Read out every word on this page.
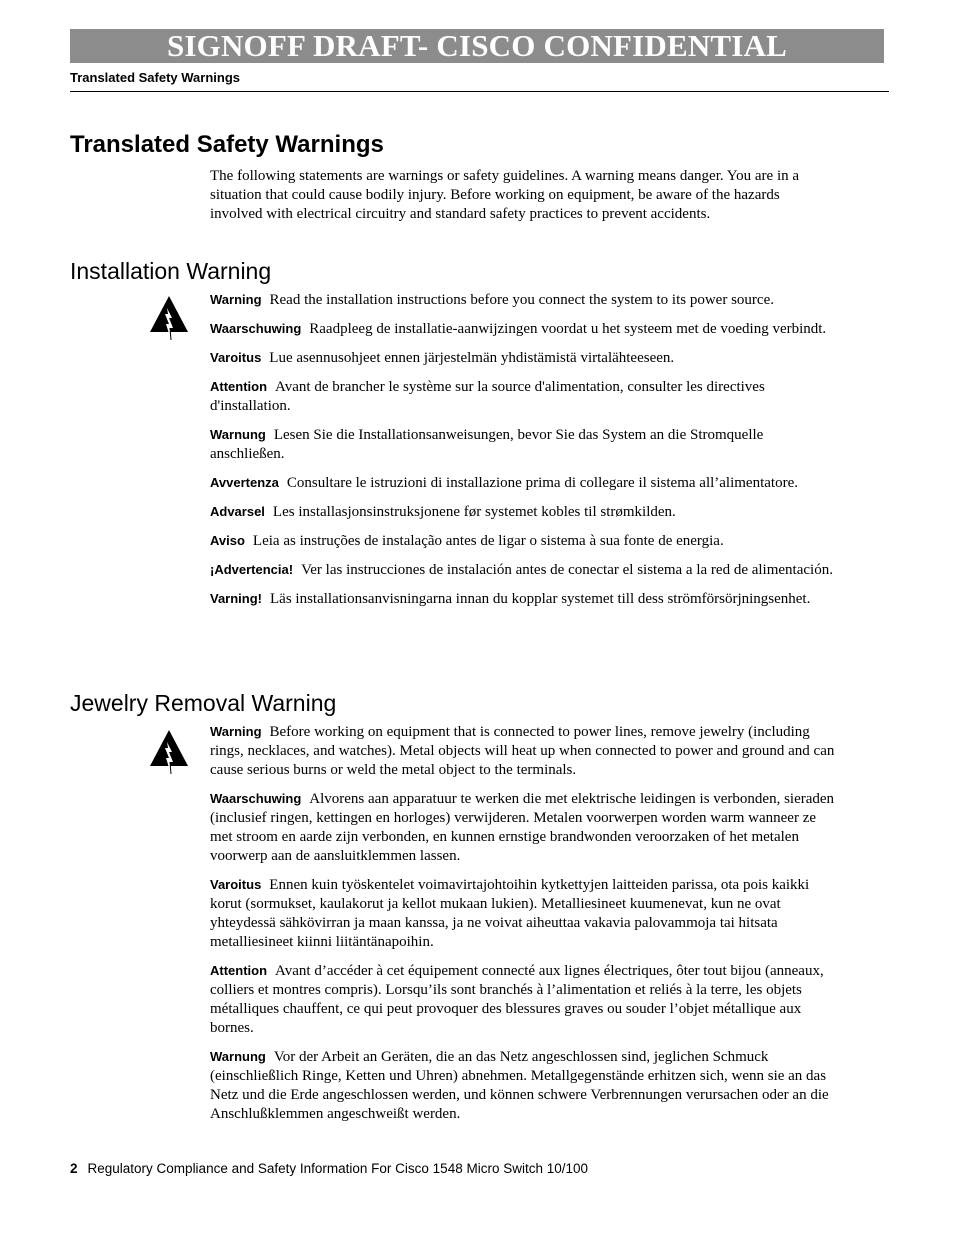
SIGNOFF DRAFT- CISCO CONFIDENTIAL
Translated Safety Warnings
Translated Safety Warnings

The following statements are warnings or safety guidelines. A warning means danger. You are in a situation that could cause bodily injury. Before working on equipment, be aware of the hazards involved with electrical circuitry and standard safety practices to prevent accidents.

Installation Warning

Warning Read the installation instructions before you connect the system to its power source.

Waarschuwing Raadpleeg de installatie-aanwijzingen voordat u het systeem met de voeding verbindt.

Varoitus Lue asennusohjeet ennen järjestelmän yhdistämistä virtalähteeseen.

Attention Avant de brancher le système sur la source d'alimentation, consulter les directives d'installation.

Warnung Lesen Sie die Installationsanweisungen, bevor Sie das System an die Stromquelle anschließen.

Avvertenza Consultare le istruzioni di installazione prima di collegare il sistema all’alimentatore.

Advarsel Les installasjonsinstruksjonene før systemet kobles til strømkilden.

Aviso Leia as instruções de instalação antes de ligar o sistema à sua fonte de energia.

¡Advertencia! Ver las instrucciones de instalación antes de conectar el sistema a la red de alimentación.

Varning! Läs installationsanvisningarna innan du kopplar systemet till dess strömförsörjningsenhet.

Jewelry Removal Warning

Warning Before working on equipment that is connected to power lines, remove jewelry (including rings, necklaces, and watches). Metal objects will heat up when connected to power and ground and can cause serious burns or weld the metal object to the terminals.

Waarschuwing Alvorens aan apparatuur te werken die met elektrische leidingen is verbonden, sieraden (inclusief ringen, kettingen en horloges) verwijderen. Metalen voorwerpen worden warm wanneer ze met stroom en aarde zijn verbonden, en kunnen ernstige brandwonden veroorzaken of het metalen voorwerp aan de aansluitklemmen lassen.

Varoitus Ennen kuin työskentelet voimavirtajohtoihin kytkettyjen laitteiden parissa, ota pois kaikki korut (sormukset, kaulakorut ja kellot mukaan lukien). Metalliesineet kuumenevat, kun ne ovat yhteydessä sähkövirran ja maan kanssa, ja ne voivat aiheuttaa vakavia palovammoja tai hitsata metalliesineet kiinni liitäntänapoihin.

Attention Avant d’accéder à cet équipement connecté aux lignes électriques, ôter tout bijou (anneaux, colliers et montres compris). Lorsqu’ils sont branchés à l’alimentation et reliés à la terre, les objets métalliques chauffent, ce qui peut provoquer des blessures graves ou souder l’objet métallique aux bornes.

Warnung Vor der Arbeit an Geräten, die an das Netz angeschlossen sind, jeglichen Schmuck (einschließlich Ringe, Ketten und Uhren) abnehmen. Metallgegenstände erhitzen sich, wenn sie an das Netz und die Erde angeschlossen werden, und können schwere Verbrennungen verursachen oder an die Anschlußklemmen angeschweißt werden.

2 Regulatory Compliance and Safety Information For Cisco 1548 Micro Switch 10/100
